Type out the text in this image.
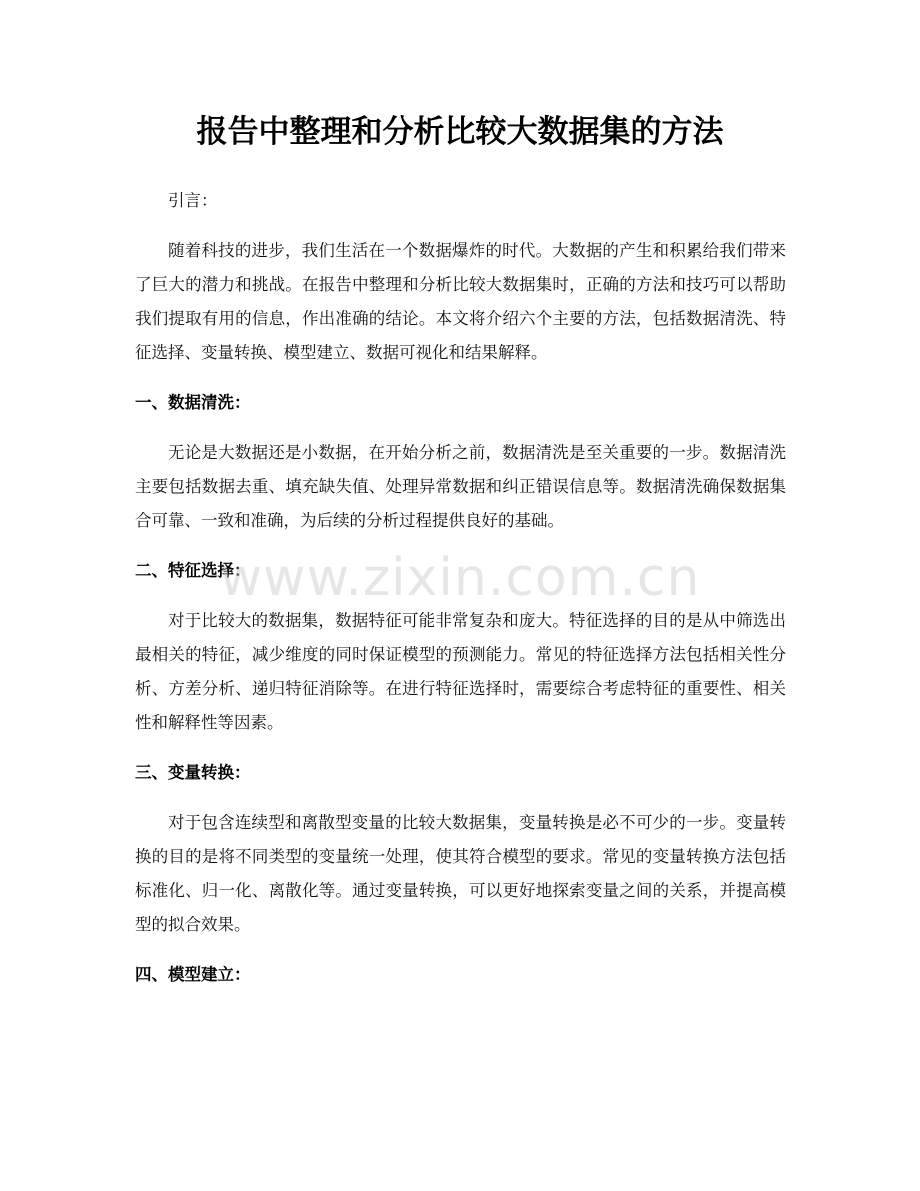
报告中整理和分析比较大数据集的方法

引言：

随着科技的进步，我们生活在一个数据爆炸的时代。大数据的产生和积累给我们带来了巨大的潜力和挑战。在报告中整理和分析比较大数据集时，正确的方法和技巧可以帮助我们提取有用的信息，作出准确的结论。本文将介绍六个主要的方法，包括数据清洗、特征选择、变量转换、模型建立、数据可视化和结果解释。

一、数据清洗：

无论是大数据还是小数据，在开始分析之前，数据清洗是至关重要的一步。数据清洗主要包括数据去重、填充缺失值、处理异常数据和纠正错误信息等。数据清洗确保数据集合可靠、一致和准确，为后续的分析过程提供良好的基础。

二、特征选择：

对于比较大的数据集，数据特征可能非常复杂和庞大。特征选择的目的是从中筛选出最相关的特征，减少维度的同时保证模型的预测能力。常见的特征选择方法包括相关性分析、方差分析、递归特征消除等。在进行特征选择时，需要综合考虑特征的重要性、相关性和解释性等因素。

三、变量转换：

对于包含连续型和离散型变量的比较大数据集，变量转换是必不可少的一步。变量转换的目的是将不同类型的变量统一处理，使其符合模型的要求。常见的变量转换方法包括标准化、归一化、离散化等。通过变量转换，可以更好地探索变量之间的关系，并提高模型的拟合效果。

四、模型建立：
www.zixin.com.cn
